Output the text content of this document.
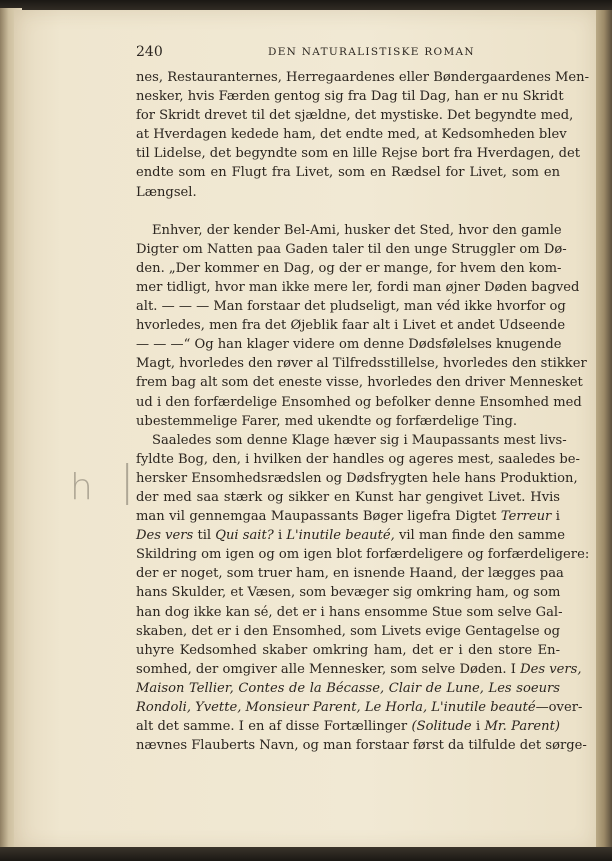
h |
240	DEN NATURALISTISKE ROMAN

nes, Restauranternes, Herregaardenes eller Bøndergaardenes Men-
nesker, hvis Færden gentog sig fra Dag til Dag, han er nu Skridt
for Skridt drevet til det sjældne, det mystiske. Det begyndte med,
at Hverdagen kedede ham, det endte med, at Kedsomheden blev
til Lidelse, det begyndte som en lille Rejse bort fra Hverdagen, det
endte som en Flugt fra Livet, som en Rædsel for Livet, som en
Længsel.

Enhver, der kender Bel-Ami, husker det Sted, hvor den gamle
Digter om Natten paa Gaden taler til den unge Struggler om Dø-
den. „Der kommer en Dag, og der er mange, for hvem den kom-
mer tidligt, hvor man ikke mere ler, fordi man øjner Døden bagved
alt. — — — Man forstaar det pludseligt, man véd ikke hvorfor og
hvorledes, men fra det Øjeblik faar alt i Livet et andet Udseende
— — —“ Og han klager videre om denne Dødsfølelses knugende
Magt, hvorledes den røver al Tilfredsstillelse, hvorledes den stikker
frem bag alt som det eneste visse, hvorledes den driver Mennesket
ud i den forfærdelige Ensomhed og befolker denne Ensomhed med
ubestemmelige Farer, med ukendte og forfærdelige Ting.

Saaledes som denne Klage hæver sig i Maupassants mest livs-
fyldte Bog, den, i hvilken der handles og ageres mest, saaledes be-
hersker Ensomhedsrædslen og Dødsfrygten hele hans Produktion,
der med saa stærk og sikker en Kunst har gengivet Livet. Hvis
man vil gennemgaa Maupassants Bøger ligefra Digtet Terreur i
Des vers til Qui sait? i L'inutile beauté, vil man finde den samme
Skildring om igen og om igen blot forfærdeligere og forfærdeligere:
der er noget, som truer ham, en isnende Haand, der lægges paa
hans Skulder, et Væsen, som bevæger sig omkring ham, og som
han dog ikke kan sé, det er i hans ensomme Stue som selve Gal-
skaben, det er i den Ensomhed, som Livets evige Gentagelse og
uhyre Kedsomhed skaber omkring ham, det er i den store En-
somhed, der omgiver alle Mennesker, som selve Døden. I Des vers,
Maison Tellier, Contes de la Bécasse, Clair de Lune, Les soeurs
Rondoli, Yvette, Monsieur Parent, Le Horla, L'inutile beauté—over-
alt det samme. I en af disse Fortællinger (Solitude i Mr. Parent)
nævnes Flauberts Navn, og man forstaar først da tilfulde det sørge-
